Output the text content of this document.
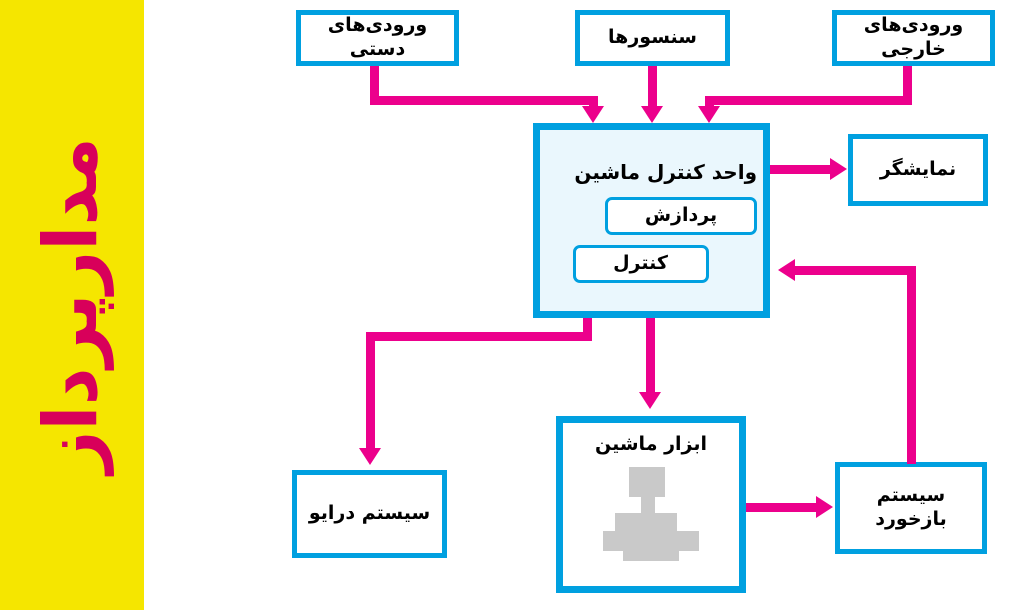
مدارپرداز
ورودی‌های دستی
سنسورها
ورودی‌های خارجی
واحد کنترل ماشین
پردازش
کنترل
نمایشگر
سیستم درایو
ابزار ماشین
سیستم بازخورد
